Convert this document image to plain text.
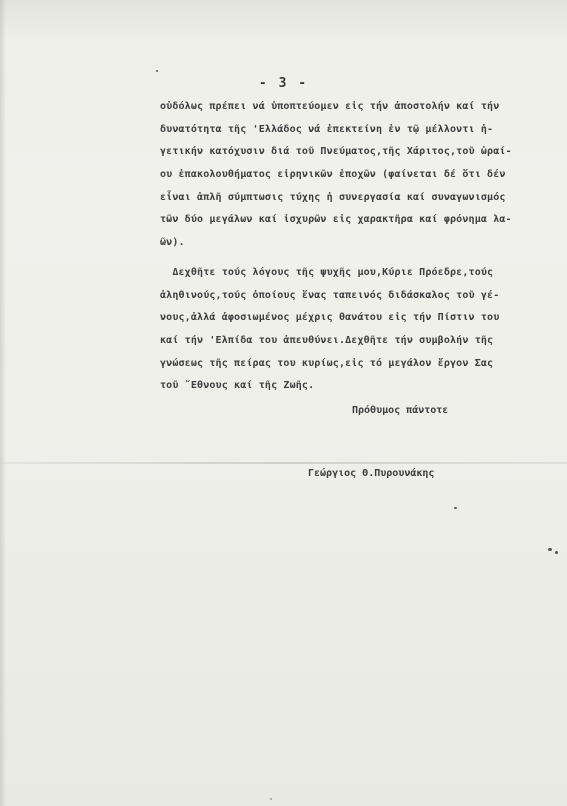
- 3 -
οὐδόλως πρέπει νά ὑποπτεύομεν εἰς τήν ἀποστολήν καί τήν
δυνατότητα τῆς 'Ελλάδος νά ἐπεκτείνη ἐν τῷ μέλλοντι ἡ-
γετικήν κατόχυσιν διά τοῦ Πνεύματος,τῆς Χάριτος,τοῦ ὡραί-
ου ἐπακολουθήματος εἰρηνικῶν ἐποχῶν (φαίνεται δέ ὅτι δέν
εἶναι ἁπλῆ σύμπτωσις τύχης ἡ συνεργασία καί συναγωνισμός
τῶν δύο μεγάλων καί ἰσχυρῶν εἰς χαρακτῆρα καί φρόνημα λα-
ῶν).
Δεχθῆτε τούς λόγους τῆς ψυχῆς μου,Κύριε Πρόεδρε,τούς
ἀληθινούς,τούς ὁποίους ἕνας ταπεινός διδάσκαλος τοῦ γέ-
νους,ἀλλά ἀφοσιωμένος μέχρις θανάτου εἰς τήν Πίστιν του
καί τήν 'Ελπίδα του ἀπευθύνει.Δεχθῆτε τήν συμβολήν τῆς
γνώσεως τῆς πείρας του κυρίως,εἰς τό μεγάλον ἔργον Σας
τοῦ ῎Εθνους καί τῆς Ζωῆς.
Πρόθυμος πάντοτε
Γεώργιος Θ.Πυρουνάκης
